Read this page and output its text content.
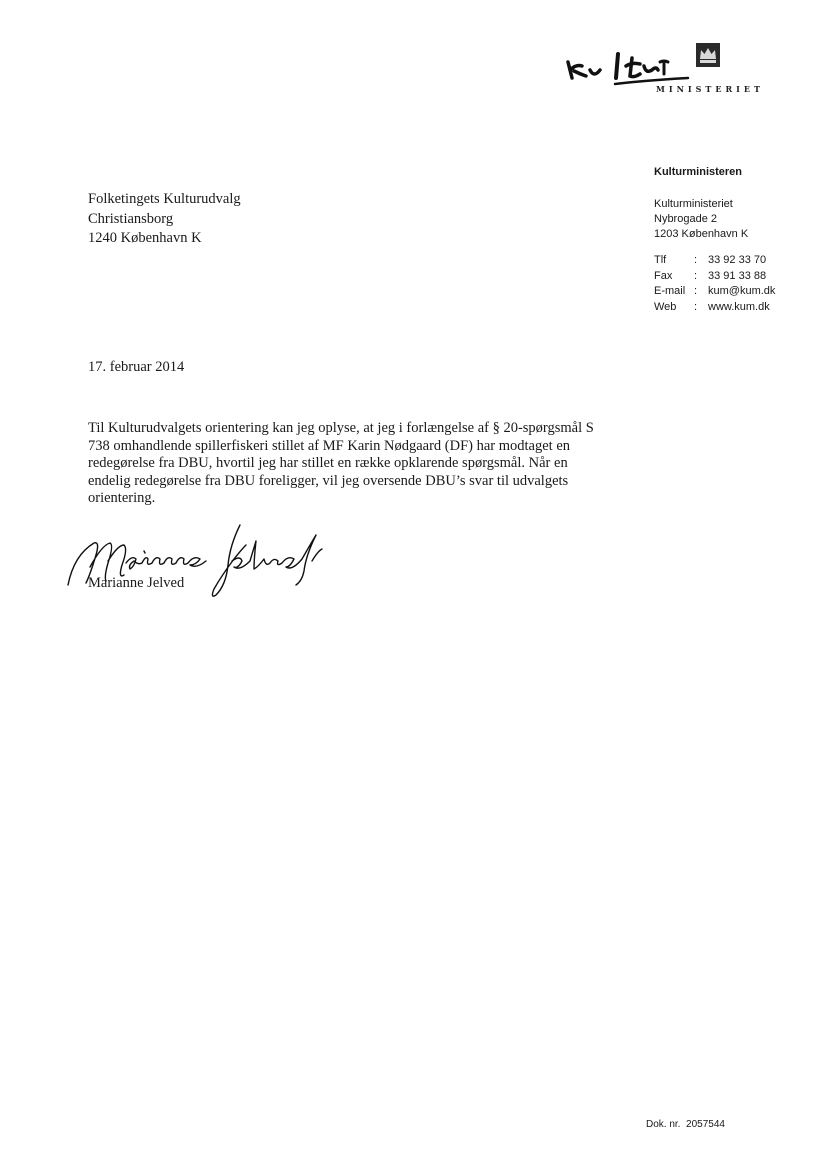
MINISTERIET
Folketingets Kulturudvalg
Christiansborg
1240 København K
Kulturministeren
Kulturministeriet
Nybrogade 2
1203 København K
Tlf	: 33 92 33 70
Fax	: 33 91 33 88
E-mail : kum@kum.dk
Web	: www.kum.dk
17. februar 2014
Til Kulturudvalgets orientering kan jeg oplyse, at jeg i forlængelse af § 20-spørgsmål S
738 omhandlende spillerfiskeri stillet af MF Karin Nødgaard (DF) har modtaget en
redegørelse fra DBU, hvortil jeg har stillet en række opklarende spørgsmål. Når en
endelig redegørelse fra DBU foreligger, vil jeg oversende DBU’s svar til udvalgets
orientering.
Marianne Jelved
Dok. nr. 2057544
